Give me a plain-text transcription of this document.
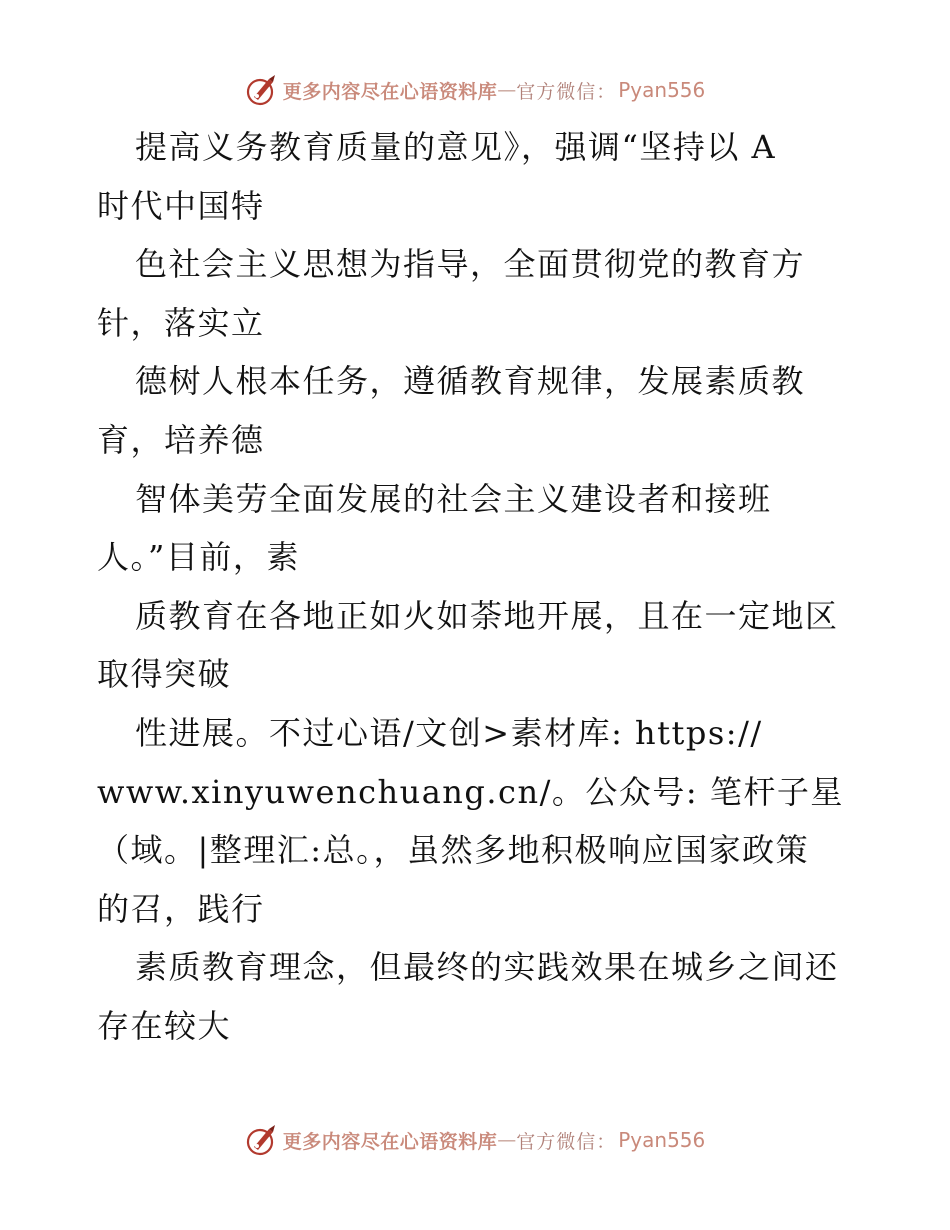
更多内容尽在心语资料库 — 官方微信： Pyan556
提高义务教育质量的意见》，强调“坚持以 A
时代中国特
色社会主义思想为指导，全面贯彻党的教育方
针，落实立
德树人根本任务，遵循教育规律，发展素质教
育，培养德
智体美劳全面发展的社会主义建设者和接班
人。”目前，素
质教育在各地正如火如荼地开展，且在一定地区
取得突破
性进展。不过心语/文创>素材库: https://
www.xinyuwenchuang.cn/。公众号: 笔杆子星
（域。|整理汇:总。，虽然多地积极响应国家政策
的召，践行
素质教育理念，但最终的实践效果在城乡之间还
存在较大
更多内容尽在心语资料库 — 官方微信： Pyan556
